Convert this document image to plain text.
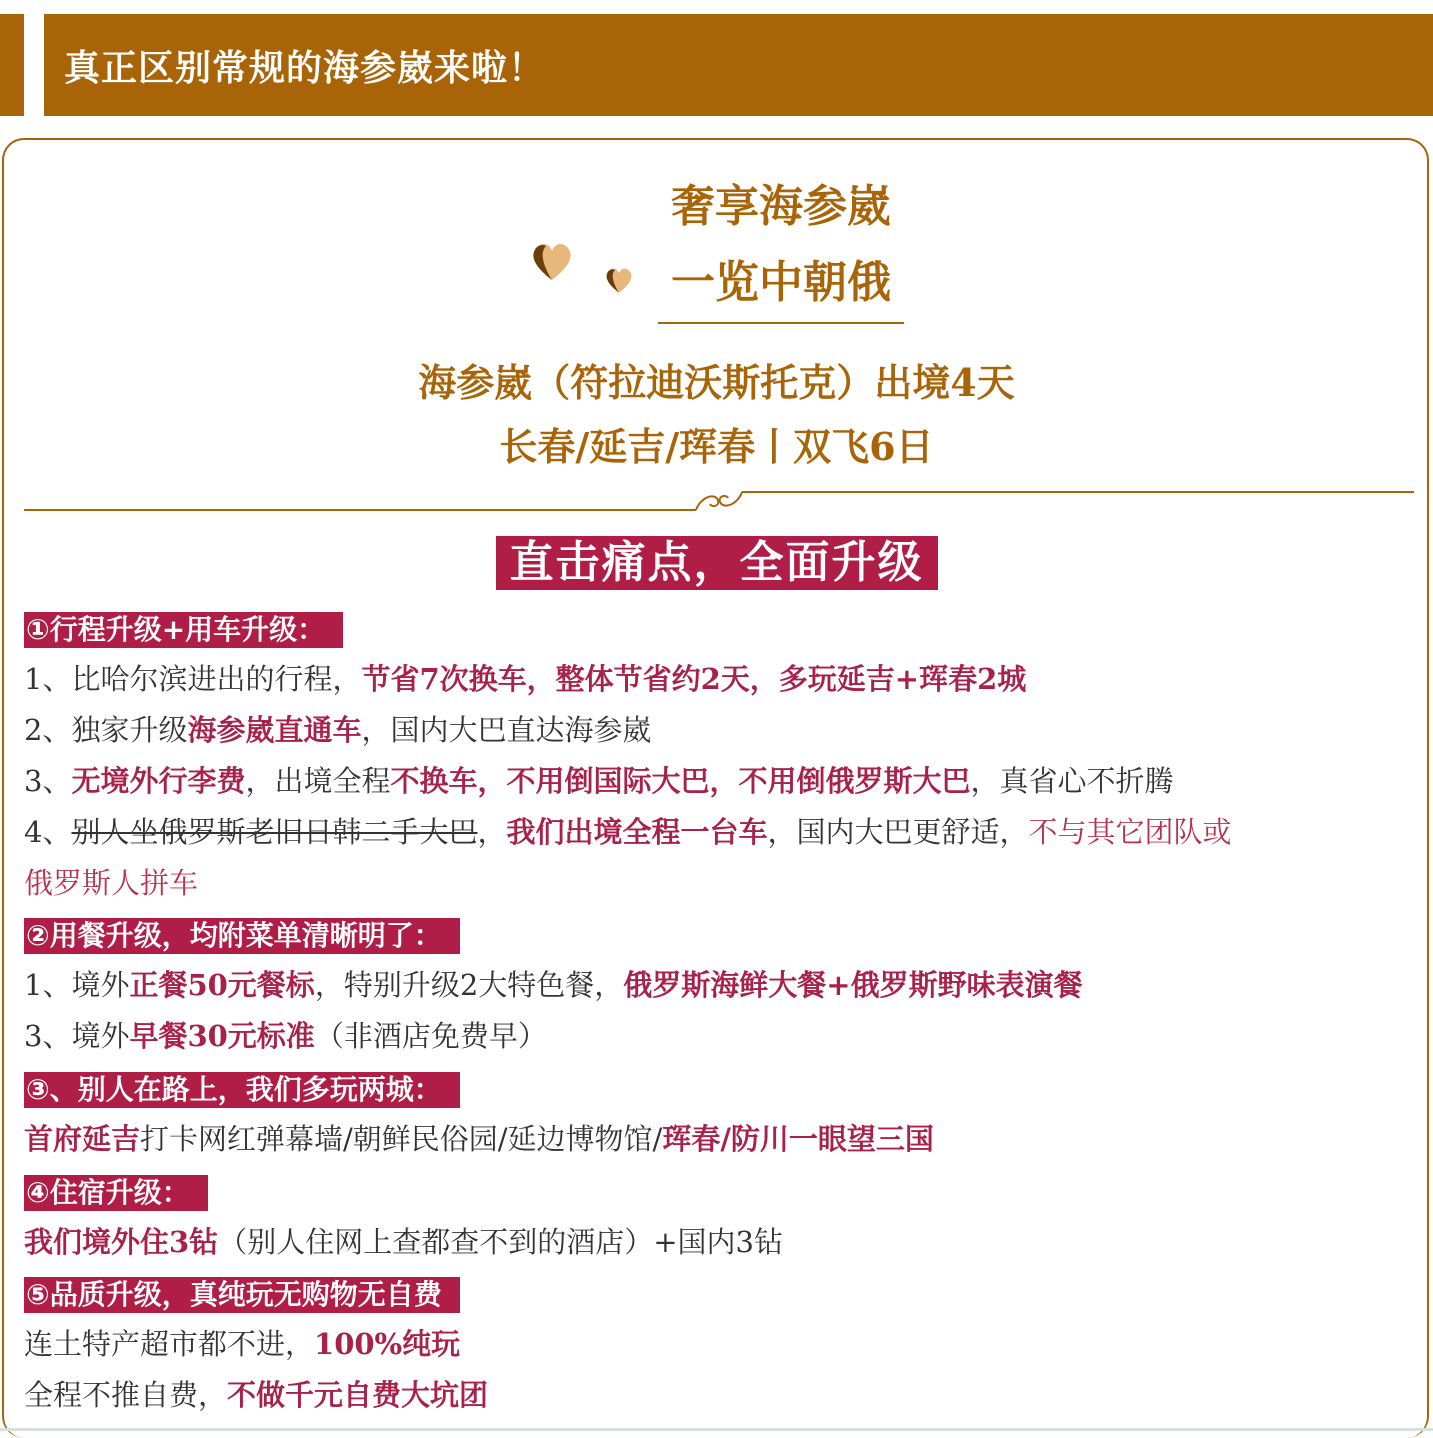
真正区别常规的海参崴来啦！
奢享海参崴
一览中朝俄
海参崴（符拉迪沃斯托克）出境4天
长春/延吉/珲春丨双飞6日
直击痛点，全面升级
①行程升级+用车升级：
1、比哈尔滨进出的行程，节省7次换车，整体节省约2天，多玩延吉+珲春2城
2、独家升级海参崴直通车，国内大巴直达海参崴
3、无境外行李费，出境全程不换车，不用倒国际大巴，不用倒俄罗斯大巴，真省心不折腾
4、别人坐俄罗斯老旧日韩二手大巴，我们出境全程一台车，国内大巴更舒适，不与其它团队或
俄罗斯人拼车
②用餐升级，均附菜单清晰明了：
1、境外正餐50元餐标，特别升级2大特色餐，俄罗斯海鲜大餐+俄罗斯野味表演餐
3、境外早餐30元标准（非酒店免费早）
③、别人在路上，我们多玩两城：
首府延吉打卡网红弹幕墙/朝鲜民俗园/延边博物馆/珲春/防川一眼望三国
④住宿升级：
我们境外住3钻（别人住网上查都查不到的酒店）+国内3钻
⑤品质升级，真纯玩无购物无自费
连土特产超市都不进，100%纯玩
全程不推自费，不做千元自费大坑团
